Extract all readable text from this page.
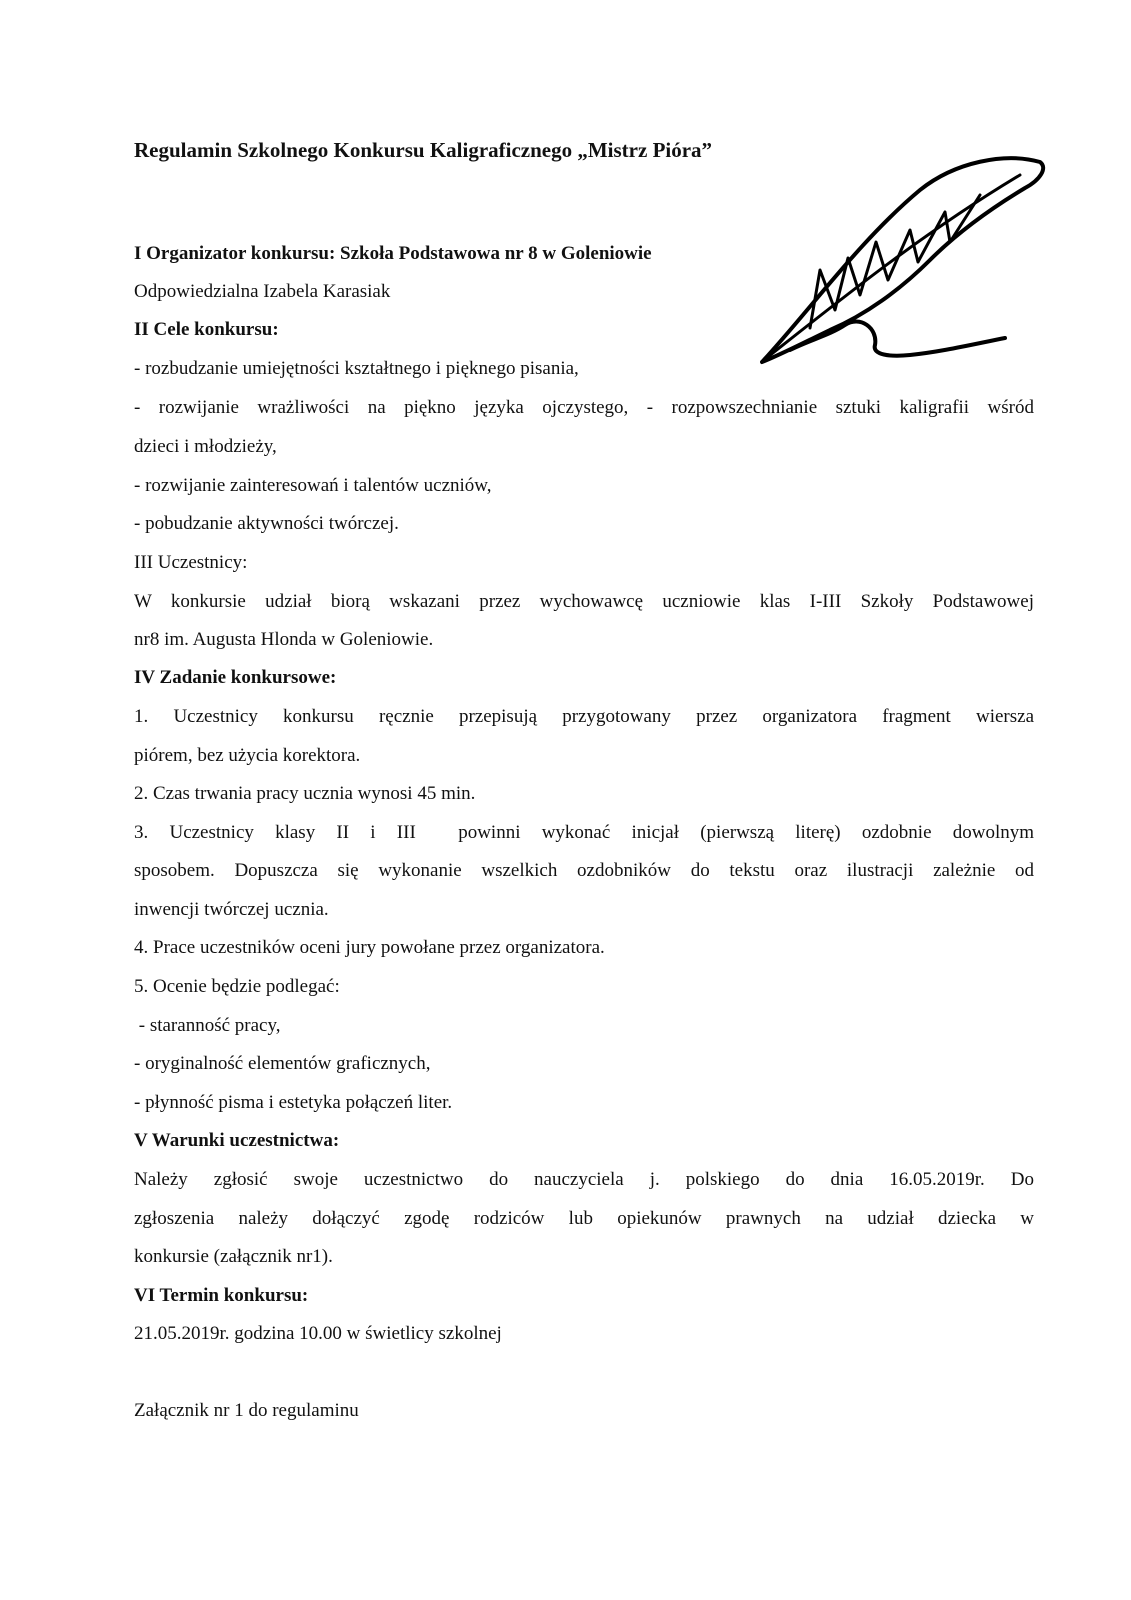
Regulamin Szkolnego Konkursu Kaligraficznego „Mistrz Pióra”

I Organizator konkursu: Szkoła Podstawowa nr 8 w Goleniowie

Odpowiedzialna Izabela Karasiak

II Cele konkursu:

- rozbudzanie umiejętności kształtnego i pięknego pisania,

- rozwijanie wrażliwości na piękno języka ojczystego, - rozpowszechnianie sztuki kaligrafii wśród

dzieci i młodzieży,

- rozwijanie zainteresowań i talentów uczniów,

- pobudzanie aktywności twórczej.

III Uczestnicy:

W konkursie udział biorą wskazani przez wychowawcę uczniowie klas I-III Szkoły Podstawowej

nr8 im. Augusta Hlonda w Goleniowie.

IV Zadanie konkursowe:

1. Uczestnicy konkursu ręcznie przepisują przygotowany przez organizatora fragment wiersza

piórem, bez użycia korektora.

2. Czas trwania pracy ucznia wynosi 45 min.

3. Uczestnicy klasy II i III  powinni wykonać inicjał (pierwszą literę) ozdobnie dowolnym

sposobem. Dopuszcza się wykonanie wszelkich ozdobników do tekstu oraz ilustracji zależnie od

inwencji twórczej ucznia.

4. Prace uczestników oceni jury powołane przez organizatora.

5. Ocenie będzie podlegać:

- staranność pracy,

- oryginalność elementów graficznych,

- płynność pisma i estetyka połączeń liter.

V Warunki uczestnictwa:

Należy zgłosić swoje uczestnictwo do nauczyciela j. polskiego do dnia 16.05.2019r. Do

zgłoszenia należy dołączyć zgodę rodziców lub opiekunów prawnych na udział dziecka w

konkursie (załącznik nr1).

VI Termin konkursu:

21.05.2019r. godzina 10.00 w świetlicy szkolnej

Załącznik nr 1 do regulaminu
